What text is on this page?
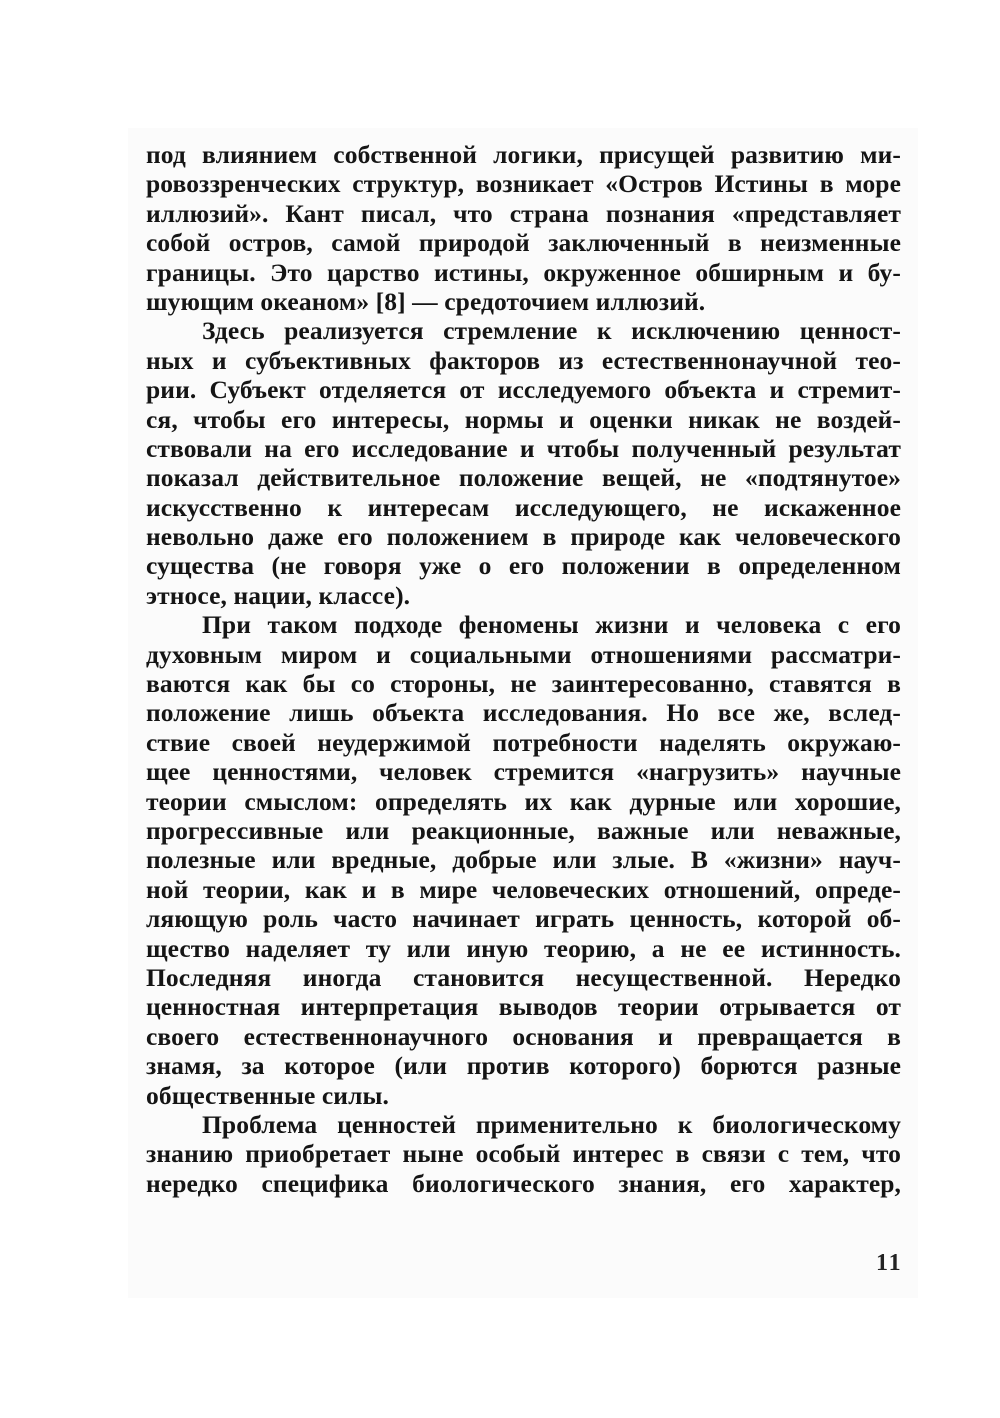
под влиянием собственной логики, присущей развитию ми-
ровоззренческих структур, возникает «Остров Истины в море
иллюзий». Кант писал, что страна познания «представляет
собой остров, самой природой заключенный в неизменные
границы. Это царство истины, окруженное обширным и бу-
шующим океаном» [8] — средоточием иллюзий.

Здесь реализуется стремление к исключению ценност-
ных и субъективных факторов из естественнонаучной тео-
рии. Субъект отделяется от исследуемого объекта и стремит-
ся, чтобы его интересы, нормы и оценки никак не воздей-
ствовали на его исследование и чтобы полученный результат
показал действительное положение вещей, не «подтянутое»
искусственно к интересам исследующего, не искаженное
невольно даже его положением в природе как человеческого
существа (не говоря уже о его положении в определенном
этносе, нации, классе).

При таком подходе феномены жизни и человека с его
духовным миром и социальными отношениями рассматри-
ваются как бы со стороны, не заинтересованно, ставятся в
положение лишь объекта исследования. Но все же, вслед-
ствие своей неудержимой потребности наделять окружаю-
щее ценностями, человек стремится «нагрузить» научные
теории смыслом: определять их как дурные или хорошие,
прогрессивные или реакционные, важные или неважные,
полезные или вредные, добрые или злые. В «жизни» науч-
ной теории, как и в мире человеческих отношений, опреде-
ляющую роль часто начинает играть ценность, которой об-
щество наделяет ту или иную теорию, а не ее истинность.
Последняя иногда становится несущественной. Нередко
ценностная интерпретация выводов теории отрывается от
своего естественнонаучного основания и превращается в
знамя, за которое (или против которого) борются разные
общественные силы.

Проблема ценностей применительно к биологическому
знанию приобретает ныне особый интерес в связи с тем, что
нередко специфика биологического знания, его характер,

11
